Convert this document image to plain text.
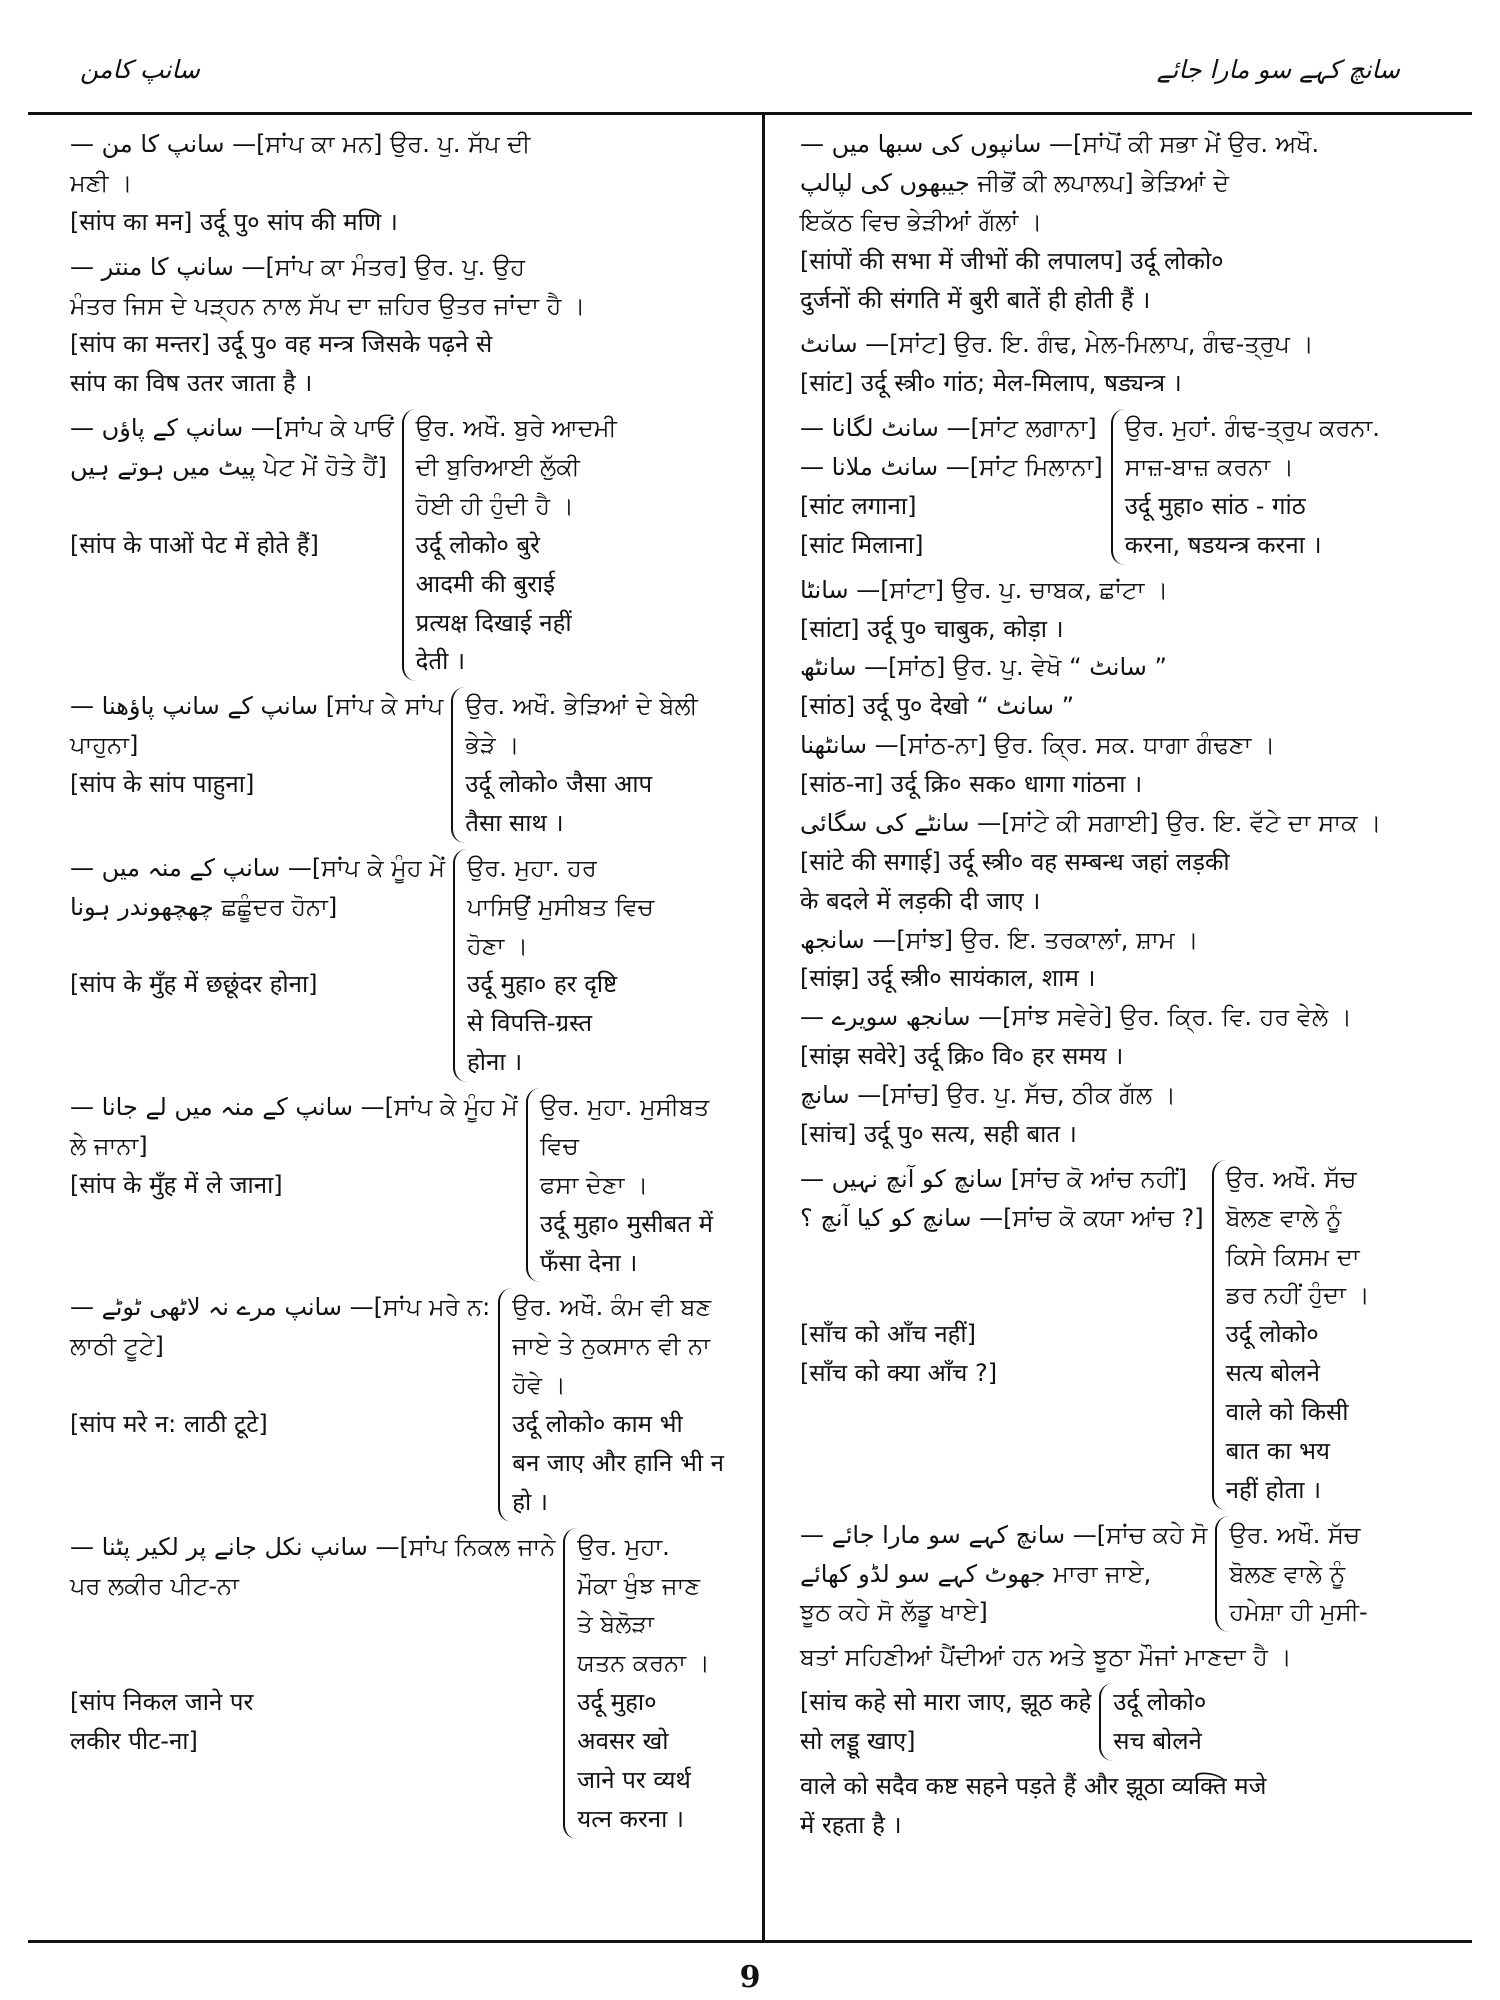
سانپ کامن	سانچ کہے سو مارا جائے

— سانپ کا من —[ਸਾਂਪ ਕਾ ਮਨ] ਉਰ. ਪੁ. ਸੱਪ ਦੀ

ਮਣੀ ।

[सांप का मन] उर्दू पु० सांप की मणि ।

— سانپ کا منتر —[ਸਾਂਪ ਕਾ ਮੰਤਰ] ਉਰ. ਪੁ. ਉਹ

ਮੰਤਰ ਜਿਸ ਦੇ ਪੜ੍ਹਨ ਨਾਲ ਸੱਪ ਦਾ ਜ਼ਹਿਰ ਉਤਰ ਜਾਂਦਾ ਹੈ ।

[सांप का मन्तर] उर्दू पु० वह मन्त्र जिसके पढ़ने से

सांप का विष उतर जाता है ।

— سانپ کے پاؤں —[ਸਾਂਪ ਕੇ ਪਾਓਂ

پیٹ میں ہوتے ہیں ਪੇਟ ਮੇਂ ਹੋਤੇ ਹੈਂ]

[सांप के पाओं पेट में होते हैं]

ਉਰ. ਅਖੌ. ਬੁਰੇ ਆਦਮੀ

ਦੀ ਬੁਰਿਆਈ ਲੁੱਕੀ

ਹੋਈ ਹੀ ਹੁੰਦੀ ਹੈ ।

उर्दू लोको० बुरे

आदमी की बुराई

प्रत्यक्ष दिखाई नहीं

देती ।

— سانپ کے سانپ پاؤھنا [ਸਾਂਪ ਕੇ ਸਾਂਪ

ਪਾਹੁਨਾ]

[सांप के सांप पाहुना]

ਉਰ. ਅਖੌ. ਭੇੜਿਆਂ ਦੇ ਬੇਲੀ

ਭੇੜੇ ।

उर्दू लोको० जैसा आप

तैसा साथ ।

— سانپ کے منہ میں —[ਸਾਂਪ ਕੇ ਮੂੰਹ ਮੇਂ

چھچھوندر ہونا ਛਛੂੰਦਰ ਹੋਨਾ]

[सांप के मुँह में छछूंदर होना]

ਉਰ. ਮੁਹਾ. ਹਰ

ਪਾਸਿਉਂ ਮੁਸੀਬਤ ਵਿਚ

ਹੋਣਾ ।

उर्दू मुहा० हर दृष्टि

से विपत्ति-ग्रस्त

होना ।

— سانپ کے منہ میں لے جانا —[ਸਾਂਪ ਕੇ ਮੂੰਹ ਮੇਂ

ਲੇ ਜਾਨਾ]

[सांप के मुँह में ले जाना]

ਉਰ. ਮੁਹਾ. ਮੁਸੀਬਤ ਵਿਚ

ਫਸਾ ਦੇਣਾ ।

उर्दू मुहा० मुसीबत में

फँसा देना ।

— سانپ مرے نہ لاٹھی ٹوٹے —[ਸਾਂਪ ਮਰੇ ਨ:

ਲਾਠੀ ਟੂਟੇ]

[सांप मरे न: लाठी टूटे]

ਉਰ. ਅਖੌ. ਕੰਮ ਵੀ ਬਣ

ਜਾਏ ਤੇ ਨੁਕਸਾਨ ਵੀ ਨਾ

ਹੋਵੇ ।

उर्दू लोको० काम भी

बन जाए और हानि भी न

हो ।

— سانپ نکل جانے پر لکیر پٹنا —[ਸਾਂਪ ਨਿਕਲ ਜਾਨੇ

ਪਰ ਲਕੀਰ ਪੀਟ-ਨਾ

[सांप निकल जाने पर

लकीर पीट-ना]

ਉਰ. ਮੁਹਾ.

ਮੌਕਾ ਖੁੰਝ ਜਾਣ

ਤੇ ਬੇਲੋੜਾ

ਯਤਨ ਕਰਨਾ ।

उर्दू मुहा०

अवसर खो

जाने पर व्यर्थ

यत्न करना ।

— سانپوں کی سبھا میں —[ਸਾਂਪੋਂ ਕੀ ਸਭਾ ਮੇਂ ਉਰ. ਅਖੌ.

جیبھوں کی لپالپ ਜੀਭੋਂ ਕੀ ਲਪਾਲਪ] ਭੇੜਿਆਂ ਦੇ

ਇਕੱਠ ਵਿਚ ਭੇੜੀਆਂ ਗੱਲਾਂ ।

[सांपों की सभा में जीभों की लपालप] उर्दू लोको०

दुर्जनों की संगति में बुरी बातें ही होती हैं ।

سانٹ —[ਸਾਂਟ] ਉਰ. ਇ. ਗੰਢ, ਮੇਲ-ਮਿਲਾਪ, ਗੰਢ-ਤ੍ਰੁਪ ।

[सांट] उर्दू स्त्री० गांठ; मेल-मिलाप, षड्यन्त्र ।

— سانٹ لگانا —[ਸਾਂਟ ਲਗਾਨਾ]

— سانٹ ملانا —[ਸਾਂਟ ਮਿਲਾਨਾ]

[सांट लगाना]

[सांट मिलाना]

ਉਰ. ਮੁਹਾਂ. ਗੰਢ-ਤ੍ਰੁਪ ਕਰਨਾ.

ਸਾਜ਼-ਬਾਜ਼ ਕਰਨਾ ।

उर्दू मुहा० सांठ - गांठ

करना, षडयन्त्र करना ।

سانٹا —[ਸਾਂਟਾ] ਉਰ. ਪੁ. ਚਾਬਕ, ਛਾਂਟਾ ।

[सांटा] उर्दू पु० चाबुक, कोड़ा ।

سانٹھ —[ਸਾਂਠ] ਉਰ. ਪੁ. ਵੇਖੋ “ سانٹ ”

[सांठ] उर्दू पु० देखो “ سانٹ ”

سانٹھنا —[ਸਾਂਠ-ਨਾ] ਉਰ. ਕ੍ਰਿ. ਸਕ. ਧਾਗਾ ਗੰਢਣਾ ।

[सांठ-ना] उर्दू क्रि० सक० धागा गांठना ।

سانٹے کی سگائی —[ਸਾਂਟੇ ਕੀ ਸਗਾਈ] ਉਰ. ਇ. ਵੱਟੇ ਦਾ ਸਾਕ ।

[सांटे की सगाई] उर्दू स्त्री० वह सम्बन्ध जहां लड़की

के बदले में लड़की दी जाए ।

سانجھ —[ਸਾਂਝ] ਉਰ. ਇ. ਤਰਕਾਲਾਂ, ਸ਼ਾਮ ।

[सांझ] उर्दू स्त्री० सायंकाल, शाम ।

— سانجھ سویرے —[ਸਾਂਝ ਸਵੇਰੇ] ਉਰ. ਕ੍ਰਿ. ਵਿ. ਹਰ ਵੇਲੇ ।

[सांझ सवेरे] उर्दू क्रि० वि० हर समय ।

سانچ —[ਸਾਂਚ] ਉਰ. ਪੁ. ਸੱਚ, ਠੀਕ ਗੱਲ ।

[सांच] उर्दू पु० सत्य, सही बात ।

— سانچ کو آنچ نہیں [ਸਾਂਚ ਕੋ ਆਂਚ ਨਹੀਂ]

سانچ کو کیا آنچ ؟ —[ਸਾਂਚ ਕੋ ਕਯਾ ਆਂਚ ?]

[साँच को आँच नहीं]

[साँच को क्या आँच ?]

ਉਰ. ਅਖੌ. ਸੱਚ

ਬੋਲਣ ਵਾਲੇ ਨੂੰ

ਕਿਸੇ ਕਿਸਮ ਦਾ

ਡਰ ਨਹੀਂ ਹੁੰਦਾ ।

उर्दू लोको०

सत्य बोलने

वाले को किसी

बात का भय

नहीं होता ।

— سانچ کہے سو مارا جائے —[ਸਾਂਚ ਕਹੇ ਸੋ

جھوٹ کہے سو لڈو کھائے ਮਾਰਾ ਜਾਏ,

ਝੂਠ ਕਹੇ ਸੋ ਲੱਡੂ ਖਾਏ]

ਉਰ. ਅਖੌ. ਸੱਚ

ਬੋਲਣ ਵਾਲੇ ਨੂੰ

ਹਮੇਸ਼ਾ ਹੀ ਮੁਸੀ-

ਬਤਾਂ ਸਹਿਣੀਆਂ ਪੈਂਦੀਆਂ ਹਨ ਅਤੇ ਝੂਠਾ ਮੌਜਾਂ ਮਾਣਦਾ ਹੈ ।

[सांच कहे सो मारा जाए, झूठ कहे

सो लड्डू खाए]

उर्दू लोको०

सच बोलने

वाले को सदैव कष्ट सहने पड़ते हैं और झूठा व्यक्ति मजे

में रहता है ।

9
